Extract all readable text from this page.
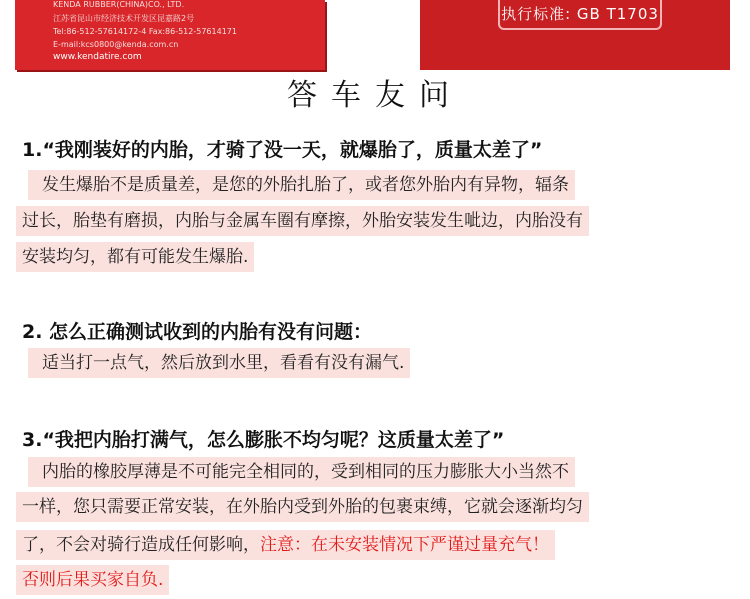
KENDA RUBBER(CHINA)CO., LTD.
江苏省昆山市经济技术开发区昆嘉路2号
Tel:86-512-57614172-4 Fax:86-512-57614171
E-mail:kcs0800@kenda.com.cn
www.kendatire.com
执行标准: GB T1703
答车友问
1.“我刚装好的内胎，才骑了没一天，就爆胎了，质量太差了”
发生爆胎不是质量差，是您的外胎扎胎了，或者您外胎内有异物，辐条
过长，胎垫有磨损，内胎与金属车圈有摩擦，外胎安装发生呲边，内胎没有
安装均匀，都有可能发生爆胎.
2. 怎么正确测试收到的内胎有没有问题：
适当打一点气，然后放到水里，看看有没有漏气.
3.“我把内胎打满气，怎么膨胀不均匀呢？这质量太差了”
内胎的橡胶厚薄是不可能完全相同的，受到相同的压力膨胀大小当然不
一样，您只需要正常安装，在外胎内受到外胎的包裹束缚，它就会逐渐均匀
了，不会对骑行造成任何影响，注意：在未安装情况下严谨过量充气！
否则后果买家自负.
